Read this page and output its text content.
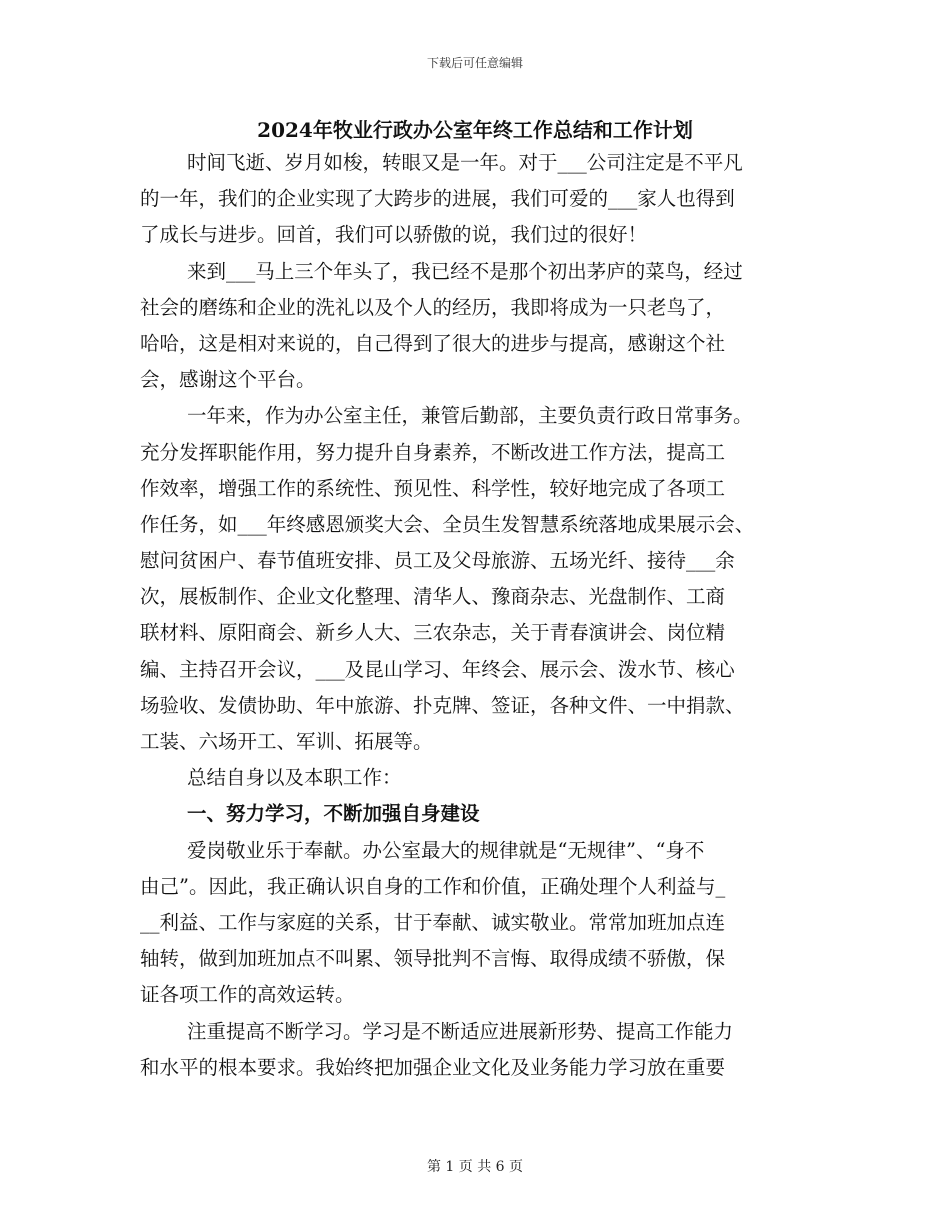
下载后可任意编辑
2024年牧业行政办公室年终工作总结和工作计划
时间飞逝、岁月如梭，转眼又是一年。对于___公司注定是不平凡
的一年，我们的企业实现了大跨步的进展，我们可爱的___家人也得到
了成长与进步。回首，我们可以骄傲的说，我们过的很好！
来到___马上三个年头了，我已经不是那个初出茅庐的菜鸟，经过
社会的磨练和企业的洗礼以及个人的经历，我即将成为一只老鸟了，
哈哈，这是相对来说的，自己得到了很大的进步与提高，感谢这个社
会，感谢这个平台。
一年来，作为办公室主任，兼管后勤部，主要负责行政日常事务。
充分发挥职能作用，努力提升自身素养，不断改进工作方法，提高工
作效率，增强工作的系统性、预见性、科学性，较好地完成了各项工
作任务，如___年终感恩颁奖大会、全员生发智慧系统落地成果展示会、
慰问贫困户、春节值班安排、员工及父母旅游、五场光纤、接待___余
次，展板制作、企业文化整理、清华人、豫商杂志、光盘制作、工商
联材料、原阳商会、新乡人大、三农杂志，关于青春演讲会、岗位精
编、主持召开会议，___及昆山学习、年终会、展示会、泼水节、核心
场验收、发债协助、年中旅游、扑克牌、签证，各种文件、一中捐款、
工装、六场开工、军训、拓展等。
总结自身以及本职工作：
一、努力学习，不断加强自身建设
爱岗敬业乐于奉献。办公室最大的规律就是“无规律”、“身不
由己”。因此，我正确认识自身的工作和价值，正确处理个人利益与_
__利益、工作与家庭的关系，甘于奉献、诚实敬业。常常加班加点连
轴转，做到加班加点不叫累、领导批判不言悔、取得成绩不骄傲，保
证各项工作的高效运转。
注重提高不断学习。学习是不断适应进展新形势、提高工作能力
和水平的根本要求。我始终把加强企业文化及业务能力学习放在重要
第 1 页 共 6 页
